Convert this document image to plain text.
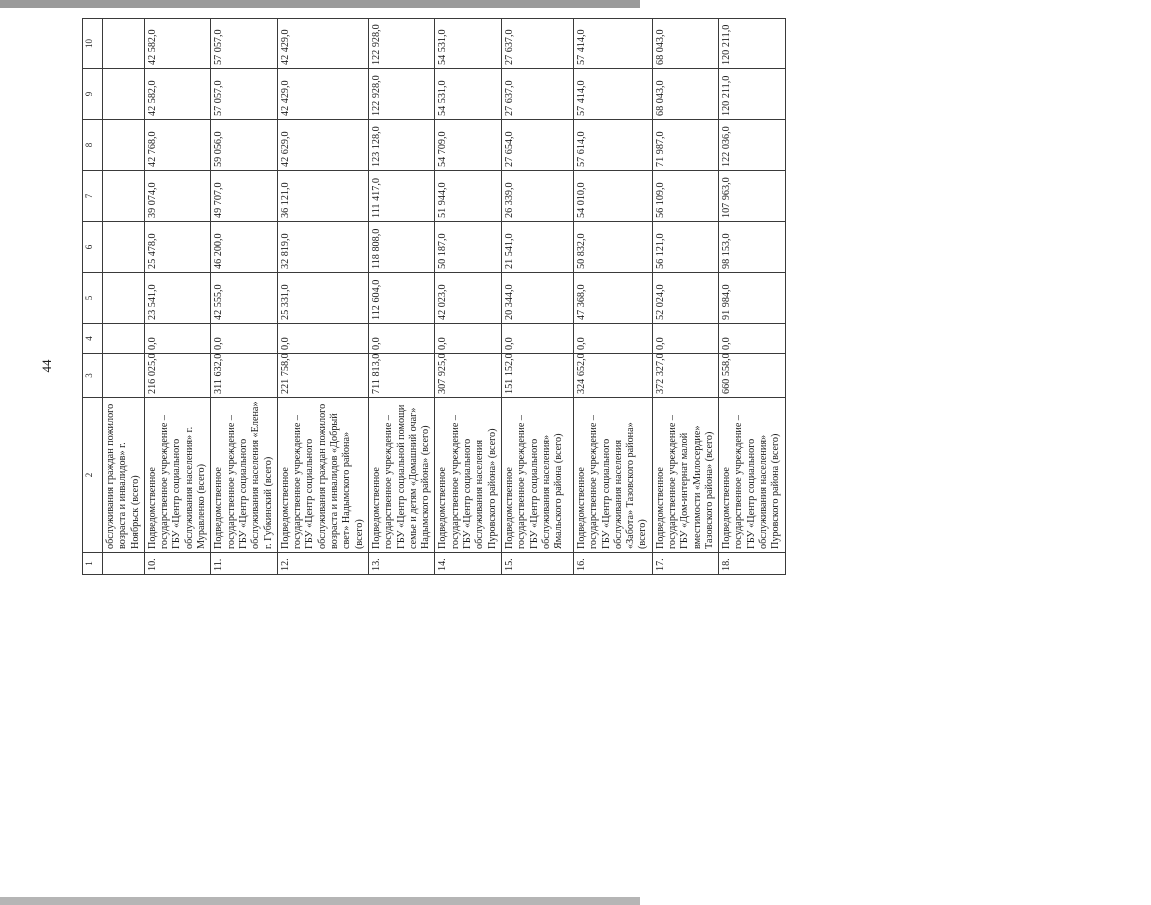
44
1	2	3	4	5	6	7	8	9	10
	обслуживания граждан пожилого возраста и инвалидов» г. Ноябрьск (всего)								
10.	Подведомственное государственное учреждение – ГБУ «Центр социального обслуживания населения» г. Муравленко (всего)	216 025,0	0,0	23 541,0	25 478,0	39 074,0	42 768,0	42 582,0	42 582,0
11.	Подведомственное государственное учреждение – ГБУ «Центр социального обслуживания населения «Елена» г. Губкинский (всего)	311 632,0	0,0	42 555,0	46 200,0	49 707,0	59 056,0	57 057,0	57 057,0
12.	Подведомственное государственное учреждение – ГБУ «Центр социального обслуживания граждан пожилого возраста и инвалидов «Добрый свет» Надымского района» (всего)	221 758,0	0,0	25 331,0	32 819,0	36 121,0	42 629,0	42 429,0	42 429,0
13.	Подведомственное государственное учреждение – ГБУ «Центр социальной помощи семье и детям «Домашний очаг» Надымского района» (всего)	711 813,0	0,0	112 604,0	118 808,0	111 417,0	123 128,0	122 928,0	122 928,0
14.	Подведомственное государственное учреждение – ГБУ «Центр социального обслуживания населения Пуровского района» (всего)	307 925,0	0,0	42 023,0	50 187,0	51 944,0	54 709,0	54 531,0	54 531,0
15.	Подведомственное государственное учреждение – ГБУ «Центр социального обслуживания населения» Ямальского района (всего)	151 152,0	0,0	20 344,0	21 541,0	26 339,0	27 654,0	27 637,0	27 637,0
16.	Подведомственное государственное учреждение – ГБУ «Центр социального обслуживания населения «Забота» Тазовского района» (всего)	324 652,0	0,0	47 368,0	50 832,0	54 010,0	57 614,0	57 414,0	57 414,0
17.	Подведомственное государственное учреждение – ГБУ «Дом-интернат малой вместимости «Милосердие» Тазовского района» (всего)	372 327,0	0,0	52 024,0	56 121,0	56 109,0	71 987,0	68 043,0	68 043,0
18.	Подведомственное государственное учреждение – ГБУ «Центр социального обслуживания населения» Пуровского района (всего)	660 558,0	0,0	91 984,0	98 153,0	107 963,0	122 036,0	120 211,0	120 211,0
